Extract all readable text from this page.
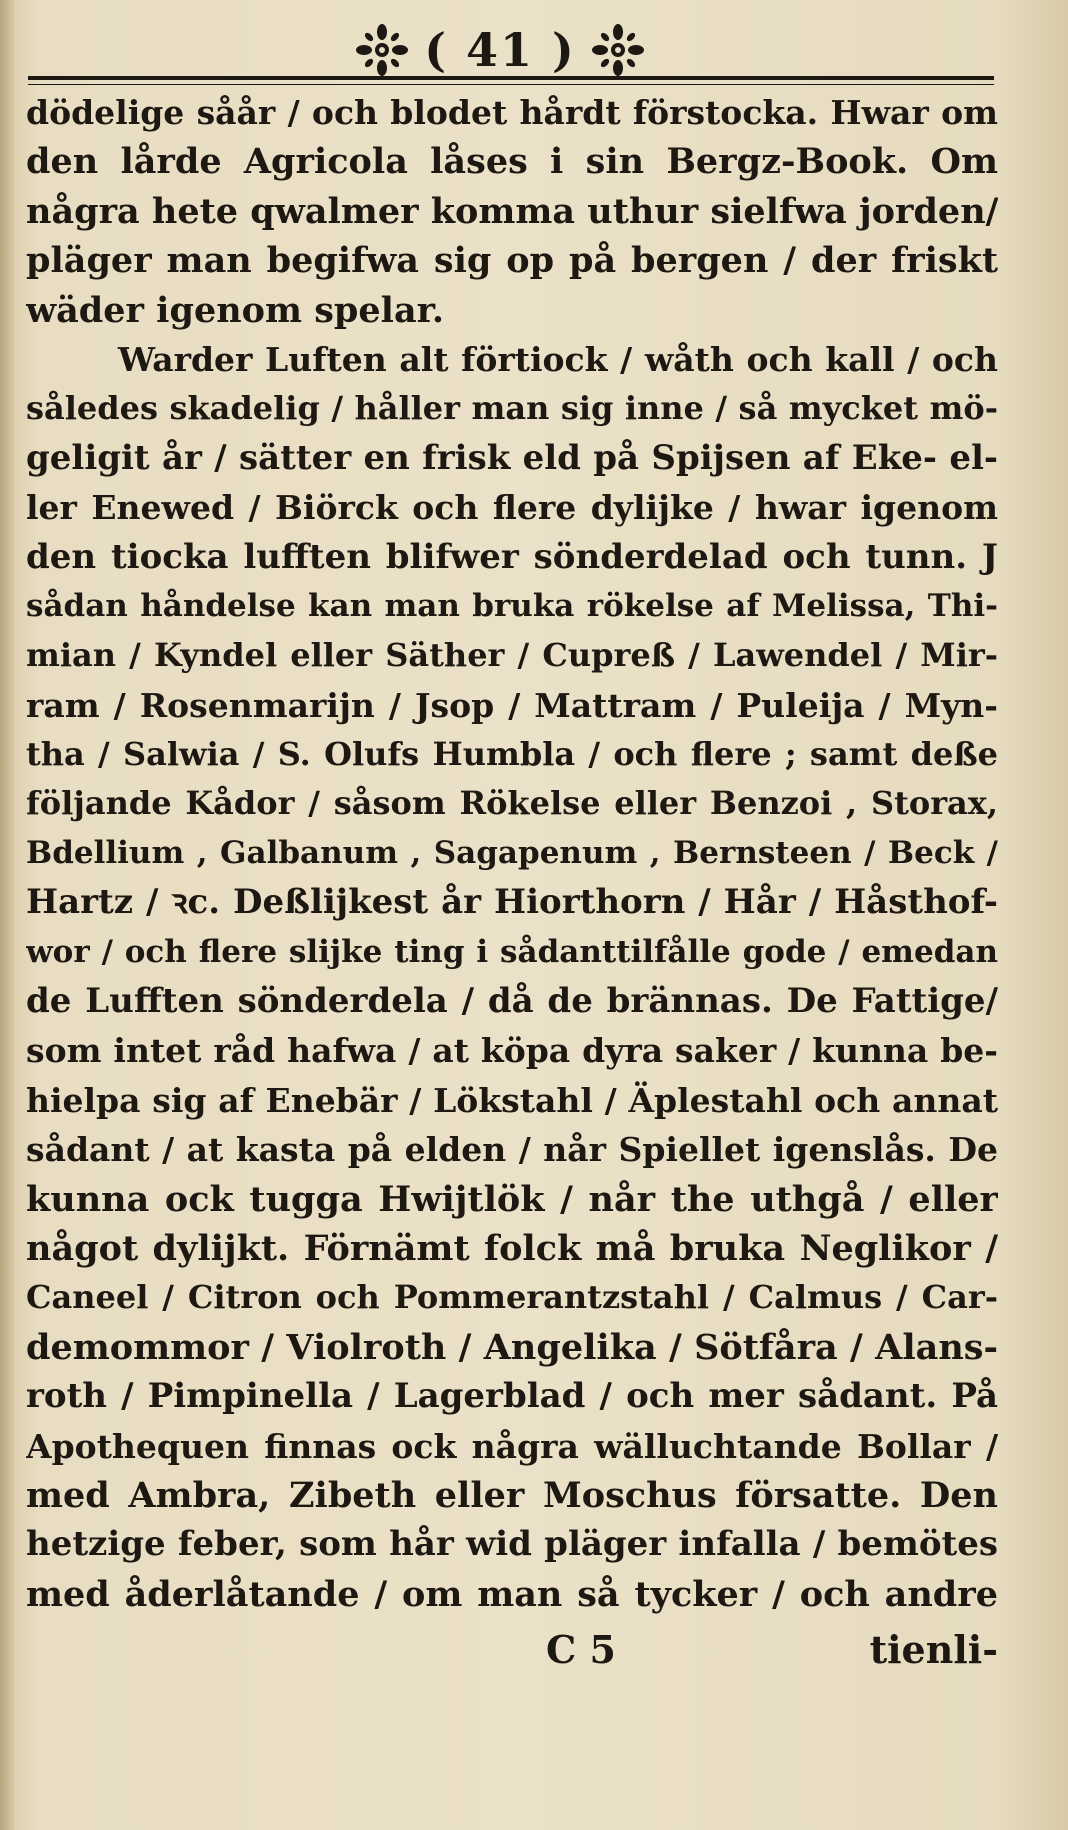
( 41 )
dödelige såår / och blodet hårdt förstocka. Hwar om
den lårde Agricola låses i sin Bergz-Book. Om
några hete qwalmer komma uthur sielfwa jorden/
pläger man begifwa sig op på bergen / der friskt
wäder igenom spelar.
Warder Luften alt förtiock / wåth och kall / och
således skadelig / håller man sig inne / så mycket mö-
geligit år / sätter en frisk eld på Spijsen af Eke- el-
ler Enewed / Biörck och flere dylijke / hwar igenom
den tiocka lufften blifwer sönderdelad och tunn. J
sådan håndelse kan man bruka rökelse af Melissa, Thi-
mian / Kyndel eller Säther / Cupreß / Lawendel / Mir-
ram / Rosenmarijn / Jsop / Mattram / Puleija / Myn-
tha / Salwia / S. Olufs Humbla / och flere ; samt deße
följande Kådor / såsom Rökelse eller Benzoi , Storax,
Bdellium , Galbanum , Sagapenum , Bernsteen / Beck /
Hartz / ꝛc. Deßlijkest år Hiorthorn / Hår / Håsthof-
wor / och flere slijke ting i sådanttilfålle gode / emedan
de Lufften sönderdela / då de brännas. De Fattige/
som intet råd hafwa / at köpa dyra saker / kunna be-
hielpa sig af Enebär / Lökstahl / Äplestahl och annat
sådant / at kasta på elden / når Spiellet igenslås. De
kunna ock tugga Hwijtlök / når the uthgå / eller
något dylijkt. Förnämt folck må bruka Neglikor /
Caneel / Citron och Pommerantzstahl / Calmus / Car-
demommor / Violroth / Angelika / Sötfåra / Alans-
roth / Pimpinella / Lagerblad / och mer sådant. På
Apothequen finnas ock några wälluchtande Bollar /
med Ambra, Zibeth eller Moschus försatte. Den
hetzige feber, som hår wid pläger infalla / bemötes
med åderlåtande / om man så tycker / och andre
C 5	tienli-
